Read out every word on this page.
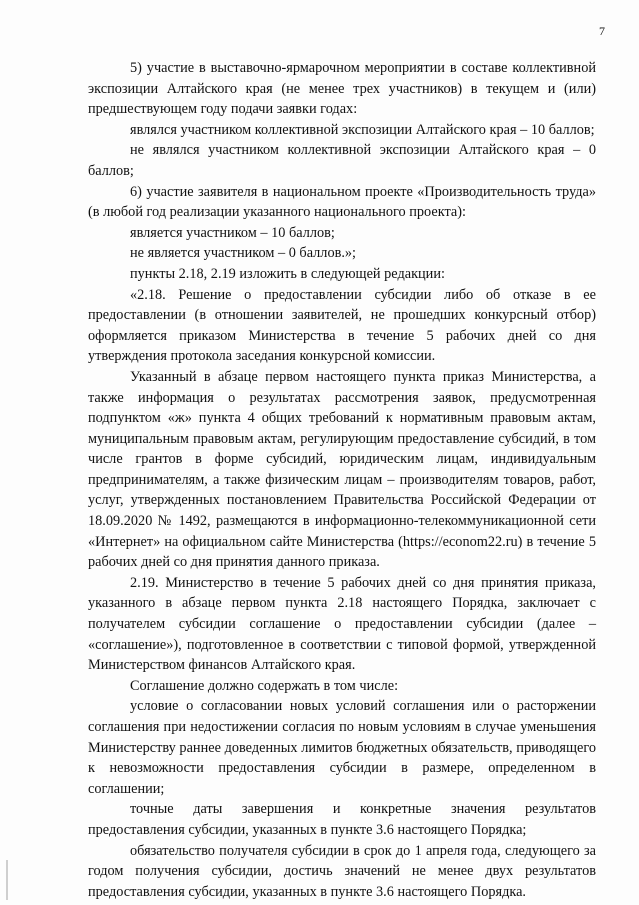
7

5) участие в выставочно-ярмарочном мероприятии в составе коллективной экспозиции Алтайского края (не менее трех участников) в текущем и (или) предшествующем году подачи заявки годах:

являлся участником коллективной экспозиции Алтайского края – 10 баллов;

не являлся участником коллективной экспозиции Алтайского края – 0 баллов;

6) участие заявителя в национальном проекте «Производительность труда» (в любой год реализации указанного национального проекта):

является участником – 10 баллов;

не является участником – 0 баллов.»;

пункты 2.18, 2.19 изложить в следующей редакции:

«2.18. Решение о предоставлении субсидии либо об отказе в ее предоставлении (в отношении заявителей, не прошедших конкурсный отбор) оформляется приказом Министерства в течение 5 рабочих дней со дня утверждения протокола заседания конкурсной комиссии.

Указанный в абзаце первом настоящего пункта приказ Министерства, а также информация о результатах рассмотрения заявок, предусмотренная подпунктом «ж» пункта 4 общих требований к нормативным правовым актам, муниципальным правовым актам, регулирующим предоставление субсидий, в том числе грантов в форме субсидий, юридическим лицам, индивидуальным предпринимателям, а также физическим лицам – производителям товаров, работ, услуг, утвержденных постановлением Правительства Российской Федерации от 18.09.2020 № 1492, размещаются в информационно-телекоммуникационной сети «Интернет» на официальном сайте Министерства (https://econom22.ru) в течение 5 рабочих дней со дня принятия данного приказа.

2.19. Министерство в течение 5 рабочих дней со дня принятия приказа, указанного в абзаце первом пункта 2.18 настоящего Порядка, заключает с получателем субсидии соглашение о предоставлении субсидии (далее – «соглашение»), подготовленное в соответствии с типовой формой, утвержденной Министерством финансов Алтайского края.

Соглашение должно содержать в том числе:

условие о согласовании новых условий соглашения или о расторжении соглашения при недостижении согласия по новым условиям в случае уменьшения Министерству раннее доведенных лимитов бюджетных обязательств, приводящего к невозможности предоставления субсидии в размере, определенном в соглашении;

точные даты завершения и конкретные значения результатов предоставления субсидии, указанных в пункте 3.6 настоящего Порядка;

обязательство получателя субсидии в срок до 1 апреля года, следующего за годом получения субсидии, достичь значений не менее двух результатов предоставления субсидии, указанных в пункте 3.6 настоящего Порядка.
